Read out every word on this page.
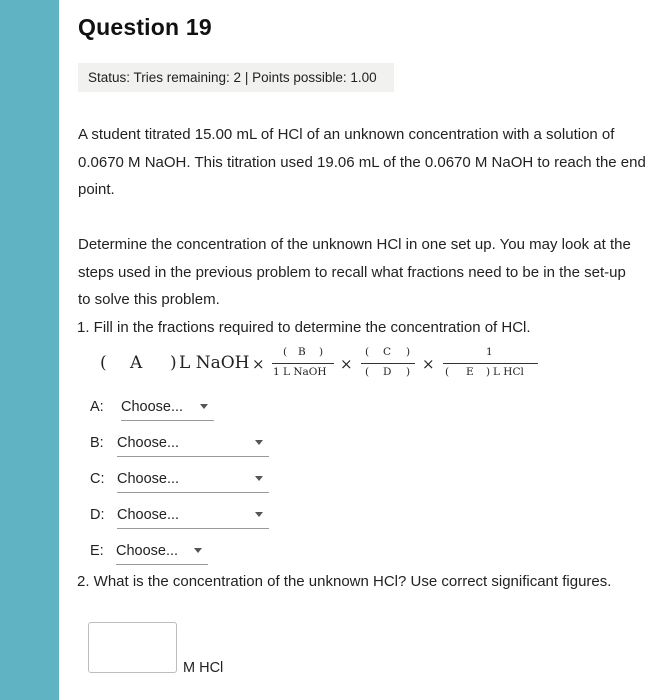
Question 19
Status: Tries remaining: 2 | Points possible: 1.00
A student titrated 15.00 mL of HCl of an unknown concentration with a solution of 0.0670 M NaOH. This titration used 19.06 mL of the 0.0670 M NaOH to reach the end point.
Determine the concentration of the unknown HCl in one set up. You may look at the steps used in the previous problem to recall what fractions need to be in the set-up to solve this problem.
1. Fill in the fractions required to determine the concentration of HCl.
( A ) L NaOH ×
( B )
1 L NaOH ×
( C )
( D ) ×
1
( E ) L HCl
A: Choose...
B: Choose...
C: Choose...
D: Choose...
E: Choose...
2. What is the concentration of the unknown HCl? Use correct significant figures.
M HCl
